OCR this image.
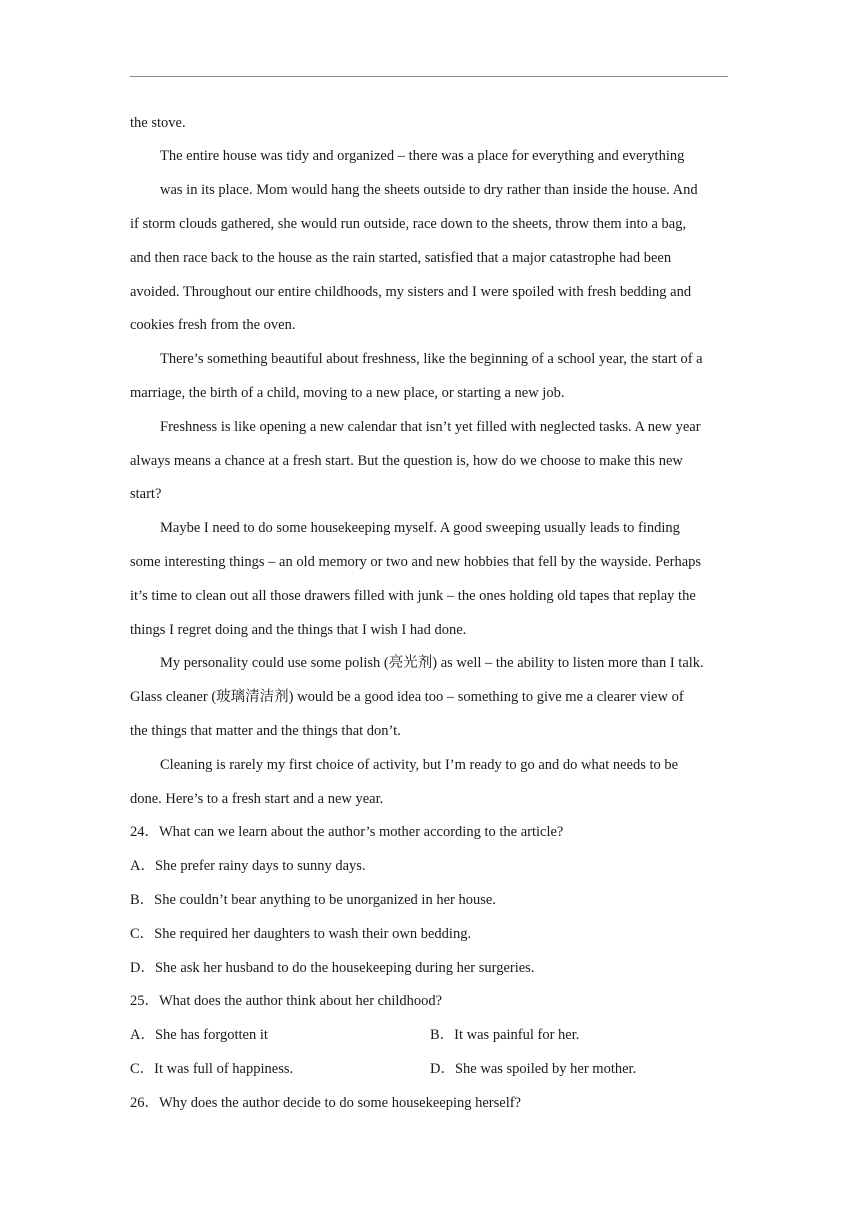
the stove.
The entire house was tidy and organized – there was a place for everything and everything
was in its place. Mom would hang the sheets outside to dry rather than inside the house. And
if storm clouds gathered, she would run outside, race down to the sheets, throw them into a bag,
and then race back to the house as the rain started, satisfied that a major catastrophe had been
avoided. Throughout our entire childhoods, my sisters and I were spoiled with fresh bedding and
cookies fresh from the oven.
There’s something beautiful about freshness, like the beginning of a school year, the start of a
marriage, the birth of a child, moving to a new place, or starting a new job.
Freshness is like opening a new calendar that isn’t yet filled with neglected tasks. A new year
always means a chance at a fresh start. But the question is, how do we choose to make this new
start?
Maybe I need to do some housekeeping myself. A good sweeping usually leads to finding
some interesting things – an old memory or two and new hobbies that fell by the wayside. Perhaps
it’s time to clean out all those drawers filled with junk – the ones holding old tapes that replay the
things I regret doing and the things that I wish I had done.
My personality could use some polish (亮光剂) as well – the ability to listen more than I talk.
Glass cleaner (玻璃清洁剂) would be a good idea too – something to give me a clearer view of
the things that matter and the things that don’t.
Cleaning is rarely my first choice of activity, but I’m ready to go and do what needs to be
done. Here’s to a fresh start and a new year.
24．What can we learn about the author’s mother according to the article?
A．She prefer rainy days to sunny days.
B．She couldn’t bear anything to be unorganized in her house.
C．She required her daughters to wash their own bedding.
D．She ask her husband to do the housekeeping during her surgeries.
25．What does the author think about her childhood?
A．She has forgotten it	B．It was painful for her.
C．It was full of happiness.	D．She was spoiled by her mother.
26．Why does the author decide to do some housekeeping herself?
